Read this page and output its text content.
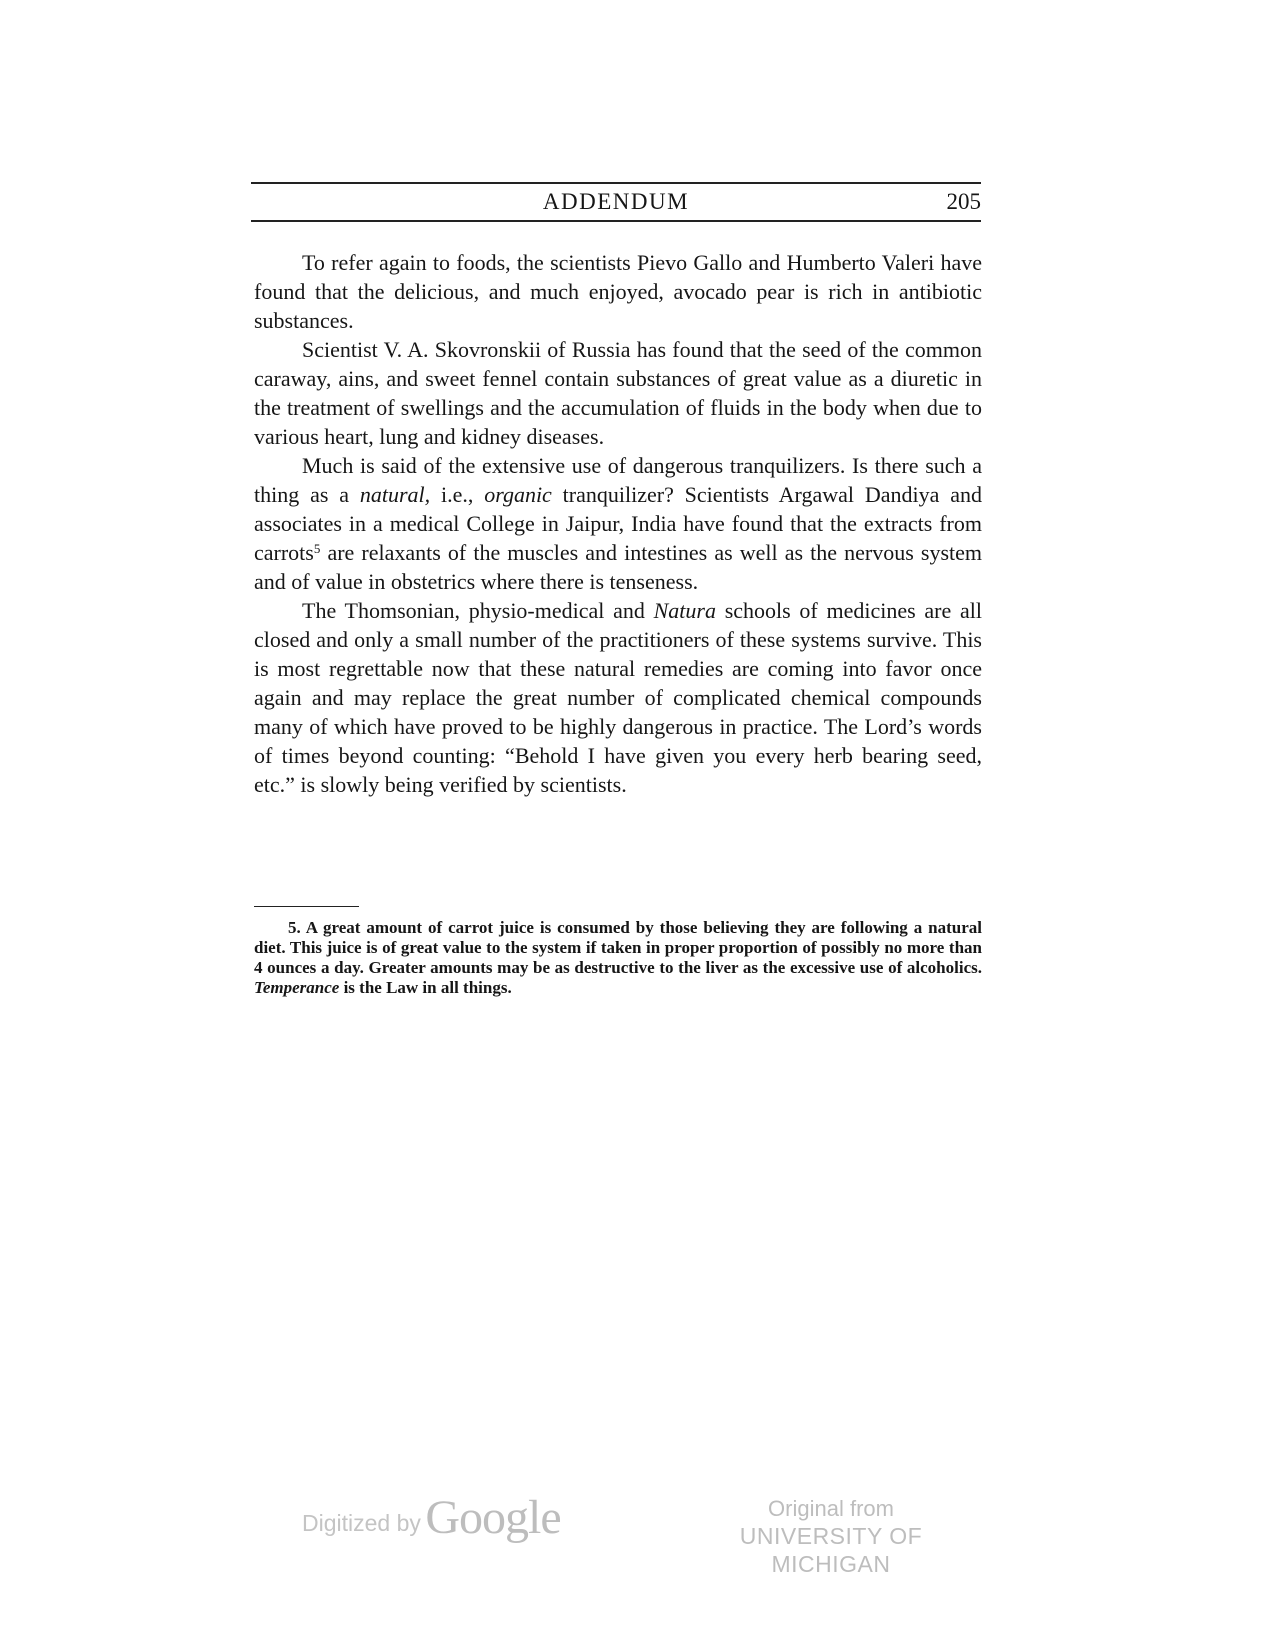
ADDENDUM	205

To refer again to foods, the scientists Pievo Gallo and Humberto Valeri have found that the delicious, and much enjoyed, avocado pear is rich in antibiotic substances.

Scientist V. A. Skovronskii of Russia has found that the seed of the common caraway, ains, and sweet fennel contain substances of great value as a diuretic in the treatment of swellings and the accumulation of fluids in the body when due to various heart, lung and kidney diseases.

Much is said of the extensive use of dangerous tranquilizers. Is there such a thing as a natural, i.e., organic tranquilizer? Scientists Argawal Dandiya and associates in a medical College in Jaipur, India have found that the extracts from carrots$^5$ are relaxants of the muscles and intestines as well as the nervous system and of value in obstetrics where there is tenseness.

The Thomsonian, physio-medical and Natura schools of medicines are all closed and only a small number of the practitioners of these systems survive. This is most regrettable now that these natural remedies are coming into favor once again and may replace the great number of complicated chemical compounds many of which have proved to be highly dangerous in practice. The Lord’s words of times beyond counting: “Behold I have given you every herb bearing seed, etc.” is slowly being verified by scientists.

5. A great amount of carrot juice is consumed by those believing they are following a natural diet. This juice is of great value to the system if taken in proper proportion of possibly no more than 4 ounces a day. Greater amounts may be as destructive to the liver as the excessive use of alcoholics. Temperance is the Law in all things.

Digitized by Google	Original from
UNIVERSITY OF MICHIGAN
